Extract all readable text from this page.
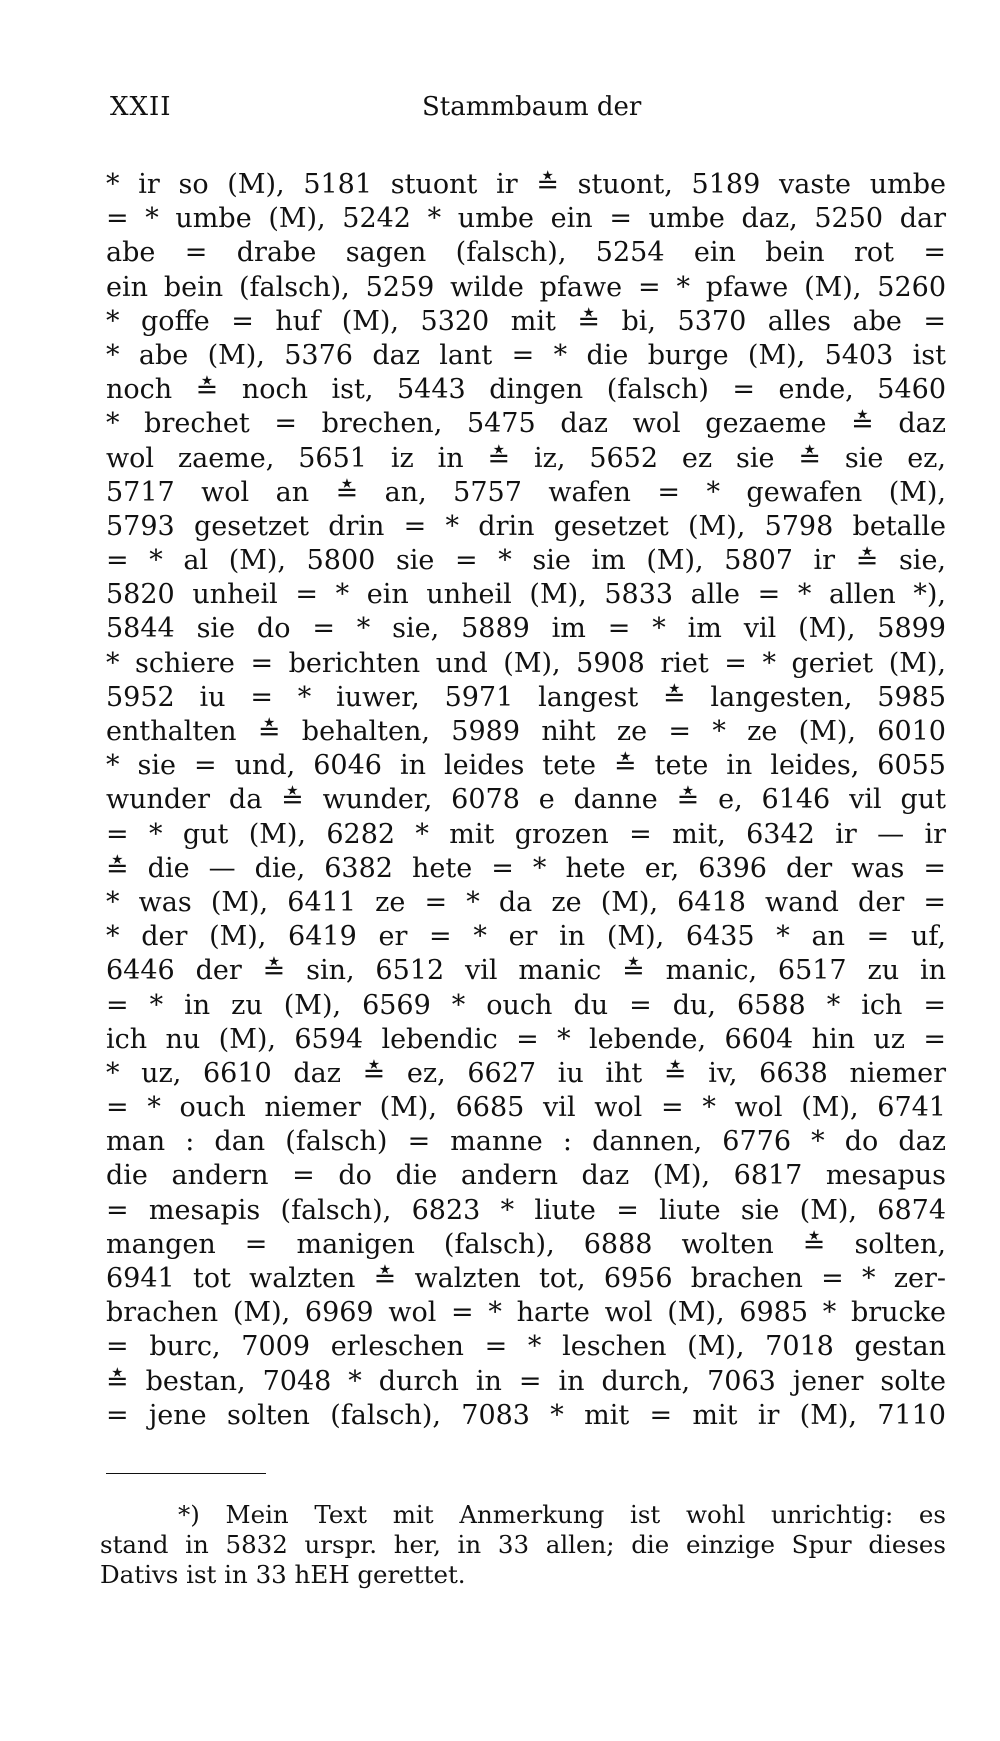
XXII	Stammbaum der
* ir so (M), 5181 stuont ir ≛ stuont, 5189 vaste umbe
= * umbe (M), 5242 * umbe ein = umbe daz, 5250 dar
abe = drabe sagen (falsch), 5254 ein bein rot =
ein bein (falsch), 5259 wilde pfawe = * pfawe (M), 5260
* goffe = huf (M), 5320 mit ≛ bi, 5370 alles abe =
* abe (M), 5376 daz lant = * die burge (M), 5403 ist
noch ≛ noch ist, 5443 dingen (falsch) = ende, 5460
* brechet = brechen, 5475 daz wol gezaeme ≛ daz
wol zaeme, 5651 iz in ≛ iz, 5652 ez sie ≛ sie ez,
5717 wol an ≛ an, 5757 wafen = * gewafen (M),
5793 gesetzet drin = * drin gesetzet (M), 5798 betalle
= * al (M), 5800 sie = * sie im (M), 5807 ir ≛ sie,
5820 unheil = * ein unheil (M), 5833 alle = * allen *),
5844 sie do = * sie, 5889 im = * im vil (M), 5899
* schiere = berichten und (M), 5908 riet = * geriet (M),
5952 iu = * iuwer, 5971 langest ≛ langesten, 5985
enthalten ≛ behalten, 5989 niht ze = * ze (M), 6010
* sie = und, 6046 in leides tete ≛ tete in leides, 6055
wunder da ≛ wunder, 6078 e danne ≛ e, 6146 vil gut
= * gut (M), 6282 * mit grozen = mit, 6342 ir — ir
≛ die — die, 6382 hete = * hete er, 6396 der was =
* was (M), 6411 ze = * da ze (M), 6418 wand der =
* der (M), 6419 er = * er in (M), 6435 * an = uf,
6446 der ≛ sin, 6512 vil manic ≛ manic, 6517 zu in
= * in zu (M), 6569 * ouch du = du, 6588 * ich =
ich nu (M), 6594 lebendic = * lebende, 6604 hin uz =
* uz, 6610 daz ≛ ez, 6627 iu iht ≛ iv, 6638 niemer
= * ouch niemer (M), 6685 vil wol = * wol (M), 6741
man : dan (falsch) = manne : dannen, 6776 * do daz
die andern = do die andern daz (M), 6817 mesapus
= mesapis (falsch), 6823 * liute = liute sie (M), 6874
mangen = manigen (falsch), 6888 wolten ≛ solten,
6941 tot walzten ≛ walzten tot, 6956 brachen = * zer-
brachen (M), 6969 wol = * harte wol (M), 6985 * brucke
= burc, 7009 erleschen = * leschen (M), 7018 gestan
≛ bestan, 7048 * durch in = in durch, 7063 jener solte
= jene solten (falsch), 7083 * mit = mit ir (M), 7110
*) Mein Text mit Anmerkung ist wohl unrichtig: es
stand in 5832 urspr. her, in 33 allen; die einzige Spur dieses
Dativs ist in 33 hEH gerettet.
